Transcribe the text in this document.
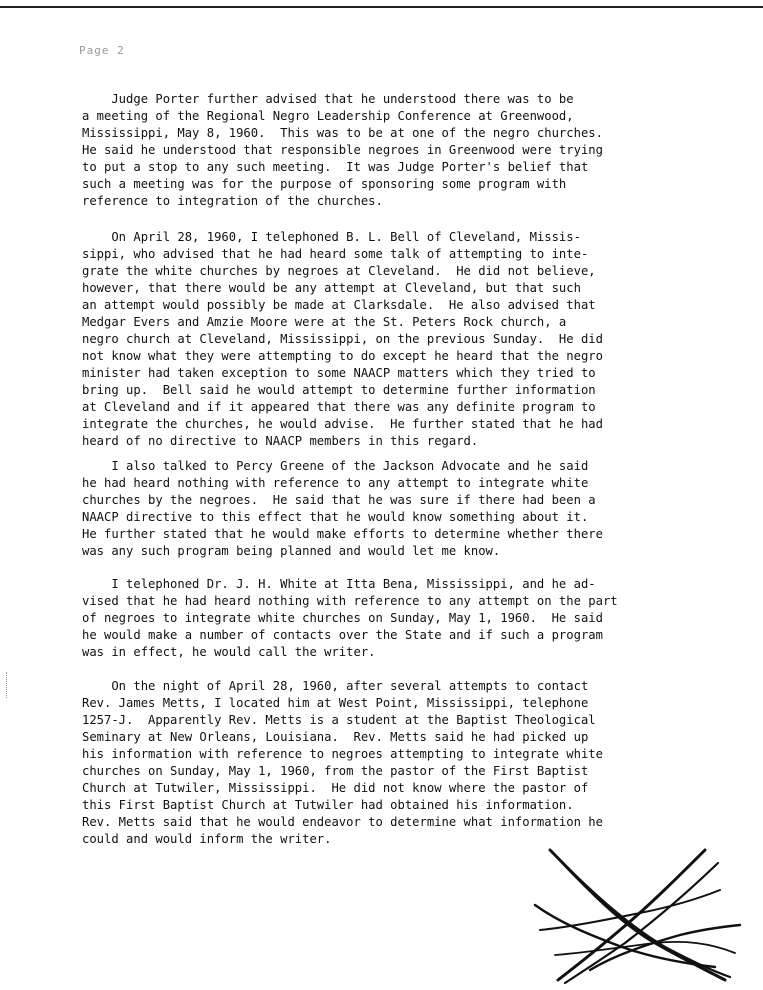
Page 2
Judge Porter further advised that he understood there was to be
a meeting of the Regional Negro Leadership Conference at Greenwood,
Mississippi, May 8, 1960.  This was to be at one of the negro churches.
He said he understood that responsible negroes in Greenwood were trying
to put a stop to any such meeting.  It was Judge Porter's belief that
such a meeting was for the purpose of sponsoring some program with
reference to integration of the churches.
On April 28, 1960, I telephoned B. L. Bell of Cleveland, Missis-
sippi, who advised that he had heard some talk of attempting to inte-
grate the white churches by negroes at Cleveland.  He did not believe,
however, that there would be any attempt at Cleveland, but that such
an attempt would possibly be made at Clarksdale.  He also advised that
Medgar Evers and Amzie Moore were at the St. Peters Rock church, a
negro church at Cleveland, Mississippi, on the previous Sunday.  He did
not know what they were attempting to do except he heard that the negro
minister had taken exception to some NAACP matters which they tried to
bring up.  Bell said he would attempt to determine further information
at Cleveland and if it appeared that there was any definite program to
integrate the churches, he would advise.  He further stated that he had
heard of no directive to NAACP members in this regard.
I also talked to Percy Greene of the Jackson Advocate and he said
he had heard nothing with reference to any attempt to integrate white
churches by the negroes.  He said that he was sure if there had been a
NAACP directive to this effect that he would know something about it.
He further stated that he would make efforts to determine whether there
was any such program being planned and would let me know.
I telephoned Dr. J. H. White at Itta Bena, Mississippi, and he ad-
vised that he had heard nothing with reference to any attempt on the part
of negroes to integrate white churches on Sunday, May 1, 1960.  He said
he would make a number of contacts over the State and if such a program
was in effect, he would call the writer.
On the night of April 28, 1960, after several attempts to contact
Rev. James Metts, I located him at West Point, Mississippi, telephone
1257-J.  Apparently Rev. Metts is a student at the Baptist Theological
Seminary at New Orleans, Louisiana.  Rev. Metts said he had picked up
his information with reference to negroes attempting to integrate white
churches on Sunday, May 1, 1960, from the pastor of the First Baptist
Church at Tutwiler, Mississippi.  He did not know where the pastor of
this First Baptist Church at Tutwiler had obtained his information.
Rev. Metts said that he would endeavor to determine what information he
could and would inform the writer.
